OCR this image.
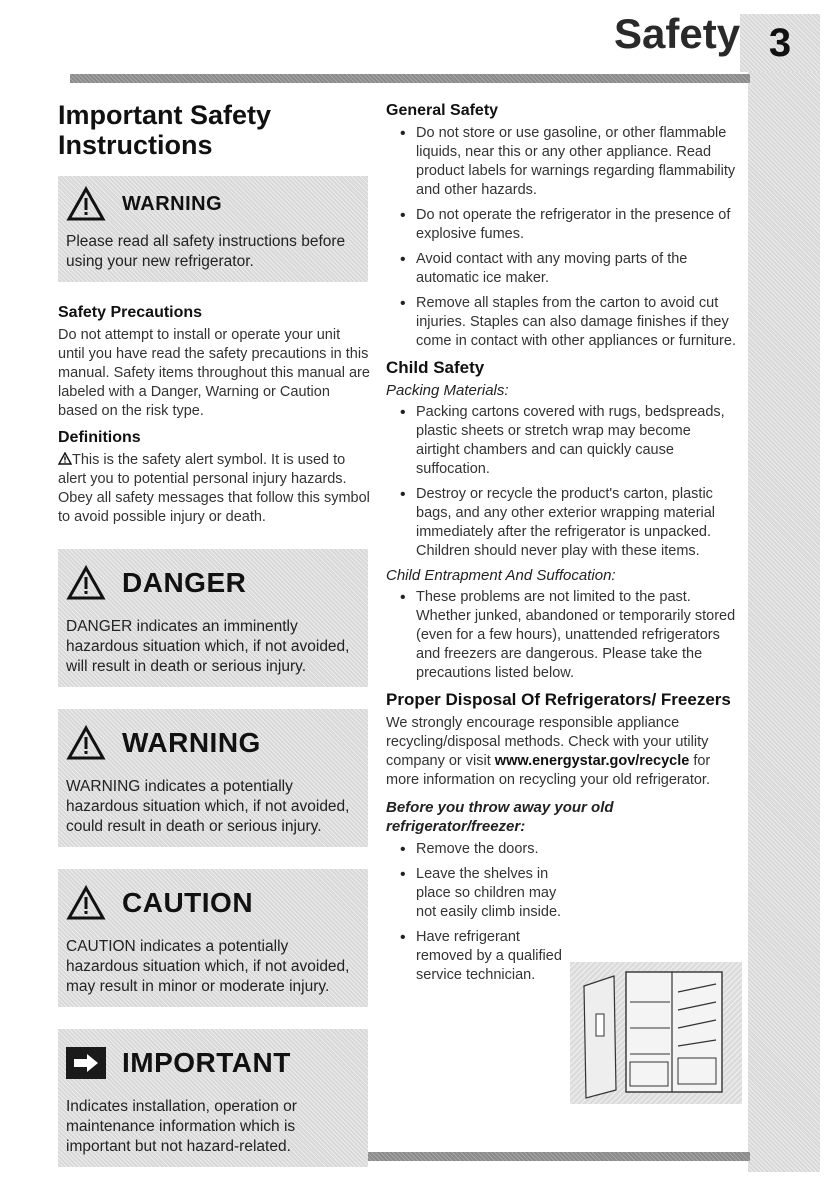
Safety 3
Important Safety Instructions
WARNING
Please read all safety instructions before using your new refrigerator.
Safety Precautions

Do not attempt to install or operate your unit until you have read the safety precautions in this manual. Safety items throughout this manual are labeled with a Danger, Warning or Caution based on the risk type.

Definitions

This is the safety alert symbol. It is used to alert you to potential personal injury hazards. Obey all safety messages that follow this symbol to avoid possible injury or death.

DANGER
DANGER indicates an imminently hazardous situation which, if not avoided, will result in death or serious injury.
WARNING
WARNING indicates a potentially hazardous situation which, if not avoided, could result in death or serious injury.
CAUTION
CAUTION indicates a potentially hazardous situation which, if not avoided, may result in minor or moderate injury.
IMPORTANT
Indicates installation, operation or maintenance information which is important but not hazard-related.
General Safety
• Do not store or use gasoline, or other flammable liquids, near this or any other appliance. Read product labels for warnings regarding flammability and other hazards.
• Do not operate the refrigerator in the presence of explosive fumes.
• Avoid contact with any moving parts of the automatic ice maker.
• Remove all staples from the carton to avoid cut injuries. Staples can also damage finishes if they come in contact with other appliances or furniture.
Child Safety
Packing Materials:
• Packing cartons covered with rugs, bedspreads, plastic sheets or stretch wrap may become airtight chambers and can quickly cause suffocation.
• Destroy or recycle the product's carton, plastic bags, and any other exterior wrapping material immediately after the refrigerator is unpacked. Children should never play with these items.
Child Entrapment And Suffocation:
• These problems are not limited to the past. Whether junked, abandoned or temporarily stored (even for a few hours), unattended refrigerators and freezers are dangerous. Please take the precautions listed below.
Proper Disposal Of Refrigerators/ Freezers

We strongly encourage responsible appliance recycling/disposal methods. Check with your utility company or visit www.energystar.gov/recycle for more information on recycling your old refrigerator.

Before you throw away your old refrigerator/freezer:
• Remove the doors.
• Leave the shelves in place so children may not easily climb inside.
• Have refrigerant removed by a qualified service technician.
